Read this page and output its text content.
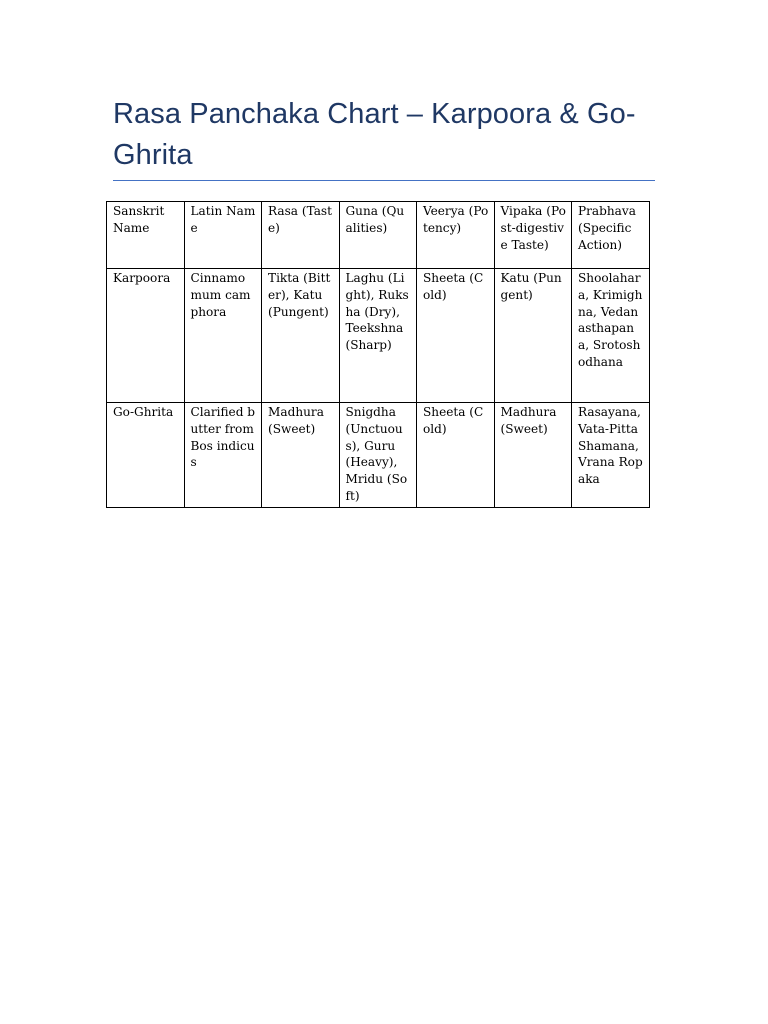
Rasa Panchaka Chart – Karpoora & Go-Ghrita
Sanskrit Name	Latin Name	Rasa (Taste)	Guna (Qualities)	Veerya (Potency)	Vipaka (Post-digestive Taste)	Prabhava (Specific Action)
Karpoora	Cinnamomum camphora	Tikta (Bitter), Katu (Pungent)	Laghu (Light), Ruksha (Dry), Teekshna (Sharp)	Sheeta (Cold)	Katu (Pungent)	Shoolahara, Krimighna, Vedanasthapana, Srotoshodhana
Go-Ghrita	Clarified butter from Bos indicus	Madhura (Sweet)	Snigdha (Unctuous), Guru (Heavy), Mridu (Soft)	Sheeta (Cold)	Madhura (Sweet)	Rasayana, Vata-Pitta Shamana, Vrana Ropaka
